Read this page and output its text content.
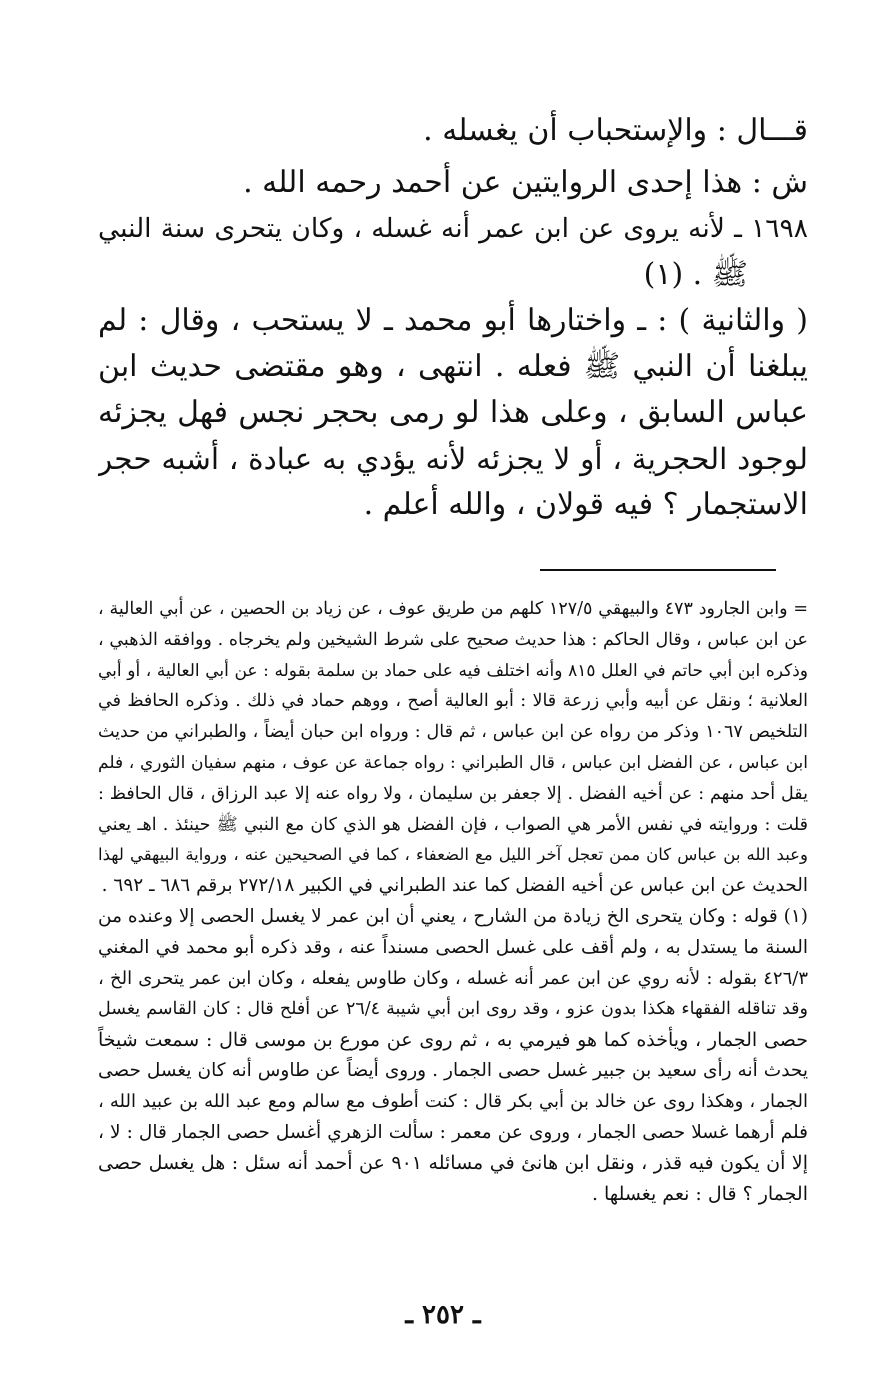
قـــال : والإستحباب أن يغسله .
ش : هذا إحدى الروايتين عن أحمد رحمه الله .
١٦٩٨ ـ لأنه يروى عن ابن عمر أنه غسله ، وكان يتحرى سنة النبي
ﷺ . (١)
( والثانية ) : ـ واختارها أبو محمد ـ لا يستحب ، وقال : لم
يبلغنا أن النبي ﷺ فعله . انتهى ، وهو مقتضى حديث ابن
عباس السابق ، وعلى هذا لو رمى بحجر نجس فهل يجزئه
لوجود الحجرية ، أو لا يجزئه لأنه يؤدي به عبادة ، أشبه حجر
الاستجمار ؟ فيه قولان ، والله أعلم .
= وابن الجارود ٤٧٣ والبيهقي ١٢٧/٥ كلهم من طريق عوف ، عن زياد بن الحصين ، عن أبي العالية ،
عن ابن عباس ، وقال الحاكم : هذا حديث صحيح على شرط الشيخين ولم يخرجاه . ووافقه الذهبي ،
وذكره ابن أبي حاتم في العلل ٨١٥ وأنه اختلف فيه على حماد بن سلمة بقوله : عن أبي العالية ، أو أبي
العلانية ؛ ونقل عن أبيه وأبي زرعة قالا : أبو العالية أصح ، ووهم حماد في ذلك . وذكره الحافظ في
التلخيص ١٠٦٧ وذكر من رواه عن ابن عباس ، ثم قال : ورواه ابن حبان أيضاً ، والطبراني من حديث
ابن عباس ، عن الفضل ابن عباس ، قال الطبراني : رواه جماعة عن عوف ، منهم سفيان الثوري ، فلم
يقل أحد منهم : عن أخيه الفضل . إلا جعفر بن سليمان ، ولا رواه عنه إلا عبد الرزاق ، قال الحافظ :
قلت : وروايته في نفس الأمر هي الصواب ، فإن الفضل هو الذي كان مع النبي ﷺ حينئذ . اهـ يعني
وعبد الله بن عباس كان ممن تعجل آخر الليل مع الضعفاء ، كما في الصحيحين عنه ، ورواية البيهقي لهذا
الحديث عن ابن عباس عن أخيه الفضل كما عند الطبراني في الكبير ٢٧٢/١٨ برقم ٦٨٦ ـ ٦٩٢ .
(١) قوله : وكان يتحرى الخ زيادة من الشارح ، يعني أن ابن عمر لا يغسل الحصى إلا وعنده من
السنة ما يستدل به ، ولم أقف على غسل الحصى مسنداً عنه ، وقد ذكره أبو محمد في المغني
٤٢٦/٣ بقوله : لأنه روي عن ابن عمر أنه غسله ، وكان طاوس يفعله ، وكان ابن عمر يتحرى الخ ،
وقد تناقله الفقهاء هكذا بدون عزو ، وقد روى ابن أبي شيبة ٢٦/٤ عن أفلح قال : كان القاسم يغسل
حصى الجمار ، ويأخذه كما هو فيرمي به ، ثم روى عن مورع بن موسى قال : سمعت شيخاً
يحدث أنه رأى سعيد بن جبير غسل حصى الجمار . وروى أيضاً عن طاوس أنه كان يغسل حصى
الجمار ، وهكذا روى عن خالد بن أبي بكر قال : كنت أطوف مع سالم ومع عبد الله بن عبيد الله ،
فلم أرهما غسلا حصى الجمار ، وروى عن معمر : سألت الزهري أغسل حصى الجمار قال : لا ،
إلا أن يكون فيه قذر ، ونقل ابن هانئ في مسائله ٩٠١ عن أحمد أنه سئل : هل يغسل حصى
الجمار ؟ قال : نعم يغسلها .
ـ ٢٥٢ ـ
